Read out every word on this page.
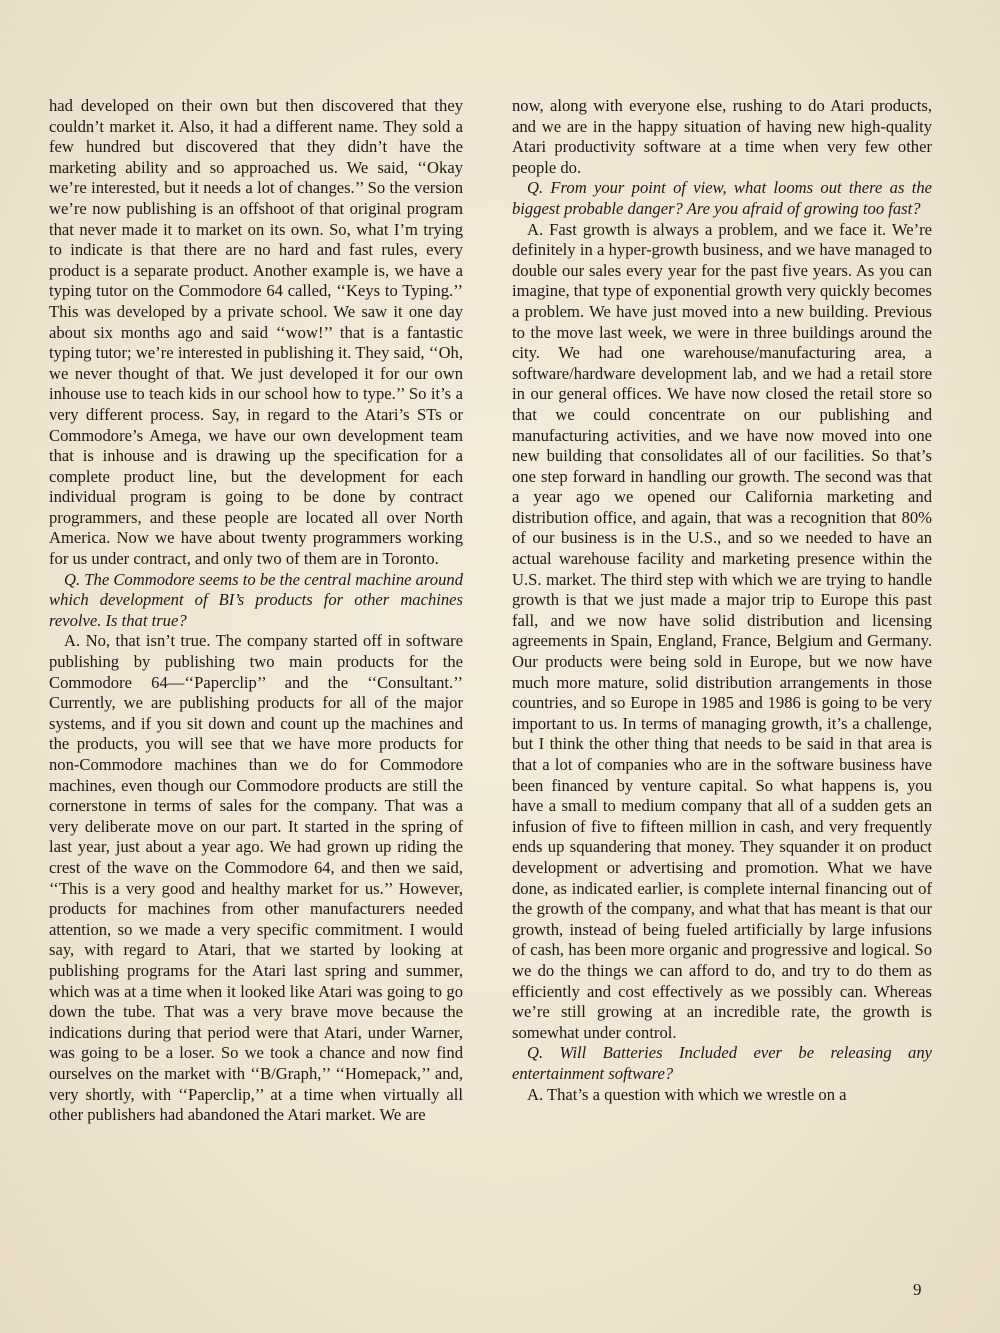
had developed on their own but then discovered that they couldn’t market it. Also, it had a different name. They sold a few hundred but discovered that they didn’t have the marketing ability and so approached us. We said, ‘‘Okay we’re interested, but it needs a lot of changes.’’ So the version we’re now publishing is an offshoot of that original program that never made it to market on its own. So, what I’m trying to indicate is that there are no hard and fast rules, every product is a separate product. Another example is, we have a typing tutor on the Commodore 64 called, ‘‘Keys to Typing.’’ This was developed by a private school. We saw it one day about six months ago and said ‘‘wow!’’ that is a fantastic typing tutor; we’re interested in publishing it. They said, ‘‘Oh, we never thought of that. We just developed it for our own inhouse use to teach kids in our school how to type.’’ So it’s a very different process. Say, in regard to the Atari’s STs or Commodore’s Amega, we have our own development team that is inhouse and is drawing up the specification for a complete product line, but the development for each individual program is going to be done by contract programmers, and these people are located all over North America. Now we have about twenty programmers working for us under contract, and only two of them are in Toronto.

Q. The Commodore seems to be the central machine around which development of BI’s products for other machines revolve. Is that true?

A. No, that isn’t true. The company started off in software publishing by publishing two main products for the Commodore 64—‘‘Paperclip’’ and the ‘‘Consultant.’’ Currently, we are publishing products for all of the major systems, and if you sit down and count up the machines and the products, you will see that we have more products for non-Commodore machines than we do for Commodore machines, even though our Commodore products are still the cornerstone in terms of sales for the company. That was a very deliberate move on our part. It started in the spring of last year, just about a year ago. We had grown up riding the crest of the wave on the Commodore 64, and then we said, ‘‘This is a very good and healthy market for us.’’ However, products for machines from other manufacturers needed attention, so we made a very specific commitment. I would say, with regard to Atari, that we started by looking at publishing programs for the Atari last spring and summer, which was at a time when it looked like Atari was going to go down the tube. That was a very brave move because the indications during that period were that Atari, under Warner, was going to be a loser. So we took a chance and now find ourselves on the market with ‘‘B/Graph,’’ ‘‘Homepack,’’ and, very shortly, with ‘‘Paperclip,’’ at a time when virtually all other publishers had abandoned the Atari market. We are

now, along with everyone else, rushing to do Atari products, and we are in the happy situation of having new high-quality Atari productivity software at a time when very few other people do.

Q. From your point of view, what looms out there as the biggest probable danger? Are you afraid of growing too fast?

A. Fast growth is always a problem, and we face it. We’re definitely in a hyper-growth business, and we have managed to double our sales every year for the past five years. As you can imagine, that type of exponential growth very quickly becomes a problem. We have just moved into a new building. Previous to the move last week, we were in three buildings around the city. We had one warehouse/manufacturing area, a software/hardware development lab, and we had a retail store in our general offices. We have now closed the retail store so that we could concentrate on our publishing and manufacturing activities, and we have now moved into one new building that consolidates all of our facilities. So that’s one step forward in handling our growth. The second was that a year ago we opened our California marketing and distribution office, and again, that was a recognition that 80% of our business is in the U.S., and so we needed to have an actual warehouse facility and marketing presence within the U.S. market. The third step with which we are trying to handle growth is that we just made a major trip to Europe this past fall, and we now have solid distribution and licensing agreements in Spain, England, France, Belgium and Germany. Our products were being sold in Europe, but we now have much more mature, solid distribution arrangements in those countries, and so Europe in 1985 and 1986 is going to be very important to us. In terms of managing growth, it’s a challenge, but I think the other thing that needs to be said in that area is that a lot of companies who are in the software business have been financed by venture capital. So what happens is, you have a small to medium company that all of a sudden gets an infusion of five to fifteen million in cash, and very frequently ends up squandering that money. They squander it on product development or advertising and promotion. What we have done, as indicated earlier, is complete internal financing out of the growth of the company, and what that has meant is that our growth, instead of being fueled artificially by large infusions of cash, has been more organic and progressive and logical. So we do the things we can afford to do, and try to do them as efficiently and cost effectively as we possibly can. Whereas we’re still growing at an incredible rate, the growth is somewhat under control.

Q. Will Batteries Included ever be releasing any entertainment software?

A. That’s a question with which we wrestle on a

9
